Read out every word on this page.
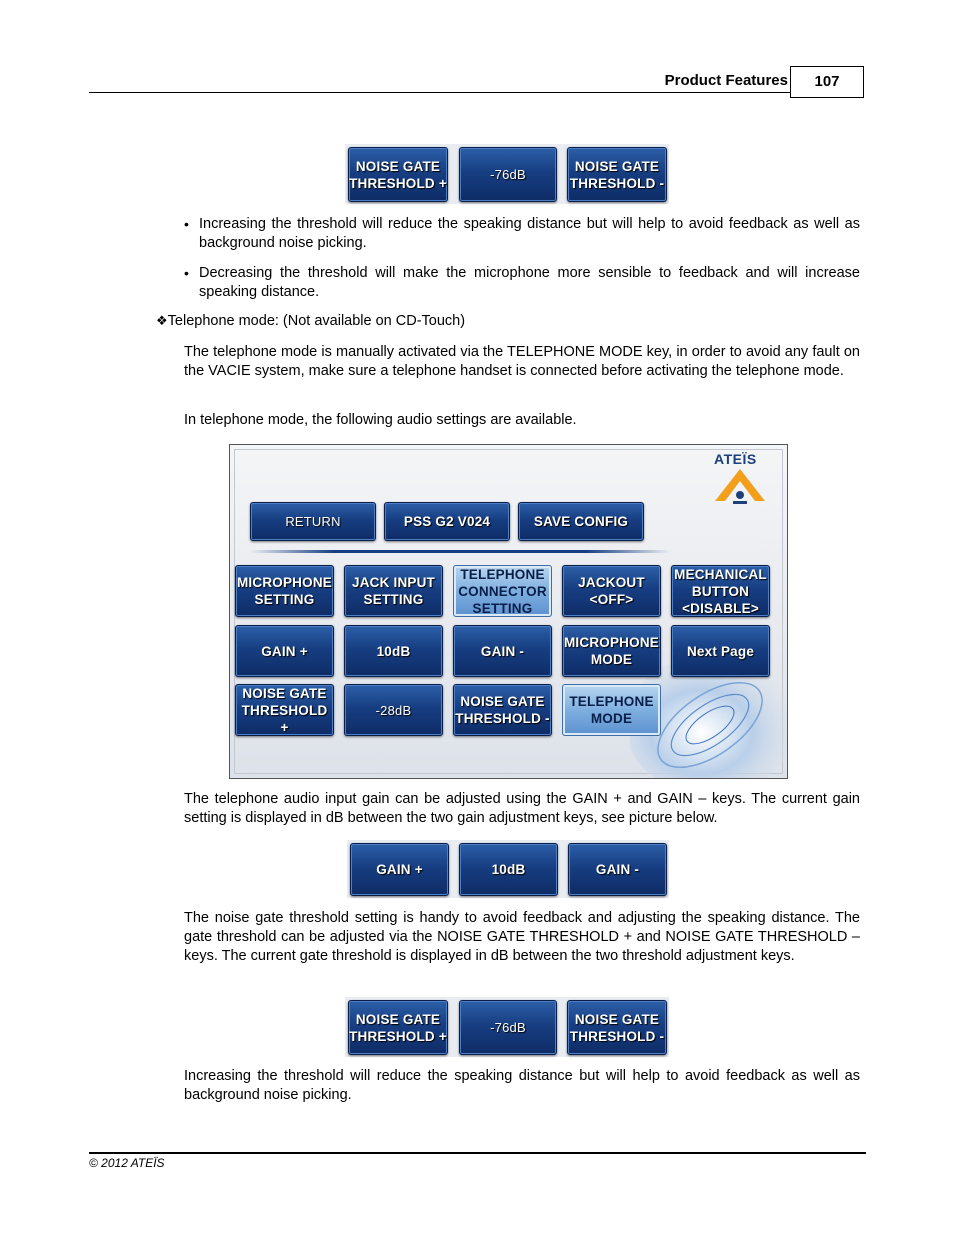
Product Features 107
NOISE GATE
THRESHOLD +
-76dB
NOISE GATE
THRESHOLD -
• Increasing the threshold will reduce the speaking distance but will help to avoid feedback as well as background noise picking.
• Decreasing the threshold will make the microphone more sensible to feedback and will increase speaking distance.
❖Telephone mode: (Not available on CD-Touch)
The telephone mode is manually activated via the TELEPHONE MODE key, in order to avoid any fault on the VACIE system, make sure a telephone handset is connected before activating the telephone mode.
In telephone mode, the following audio settings are available.
ATEÏS
RETURN	PSS G2 V024	SAVE CONFIG
MICROPHONE
SETTING
JACK INPUT
SETTING
TELEPHONE
CONNECTOR
SETTING
JACKOUT
<OFF>
MECHANICAL
BUTTON
<DISABLE>
GAIN +	10dB	GAIN -
MICROPHONE
MODE
Next Page
NOISE GATE
THRESHOLD +
-28dB
NOISE GATE
THRESHOLD -
TELEPHONE
MODE
The telephone audio input gain can be adjusted using the GAIN + and GAIN – keys. The current gain setting is displayed in dB between the two gain adjustment keys, see picture below.
GAIN +	10dB	GAIN -
The noise gate threshold setting is handy to avoid feedback and adjusting the speaking distance. The gate threshold can be adjusted via the NOISE GATE THRESHOLD + and NOISE GATE THRESHOLD – keys. The current gate threshold is displayed in dB between the two threshold adjustment keys.
NOISE GATE
THRESHOLD +
-76dB
NOISE GATE
THRESHOLD -
Increasing the threshold will reduce the speaking distance but will help to avoid feedback as well as background noise picking.
© 2012 ATEÏS
